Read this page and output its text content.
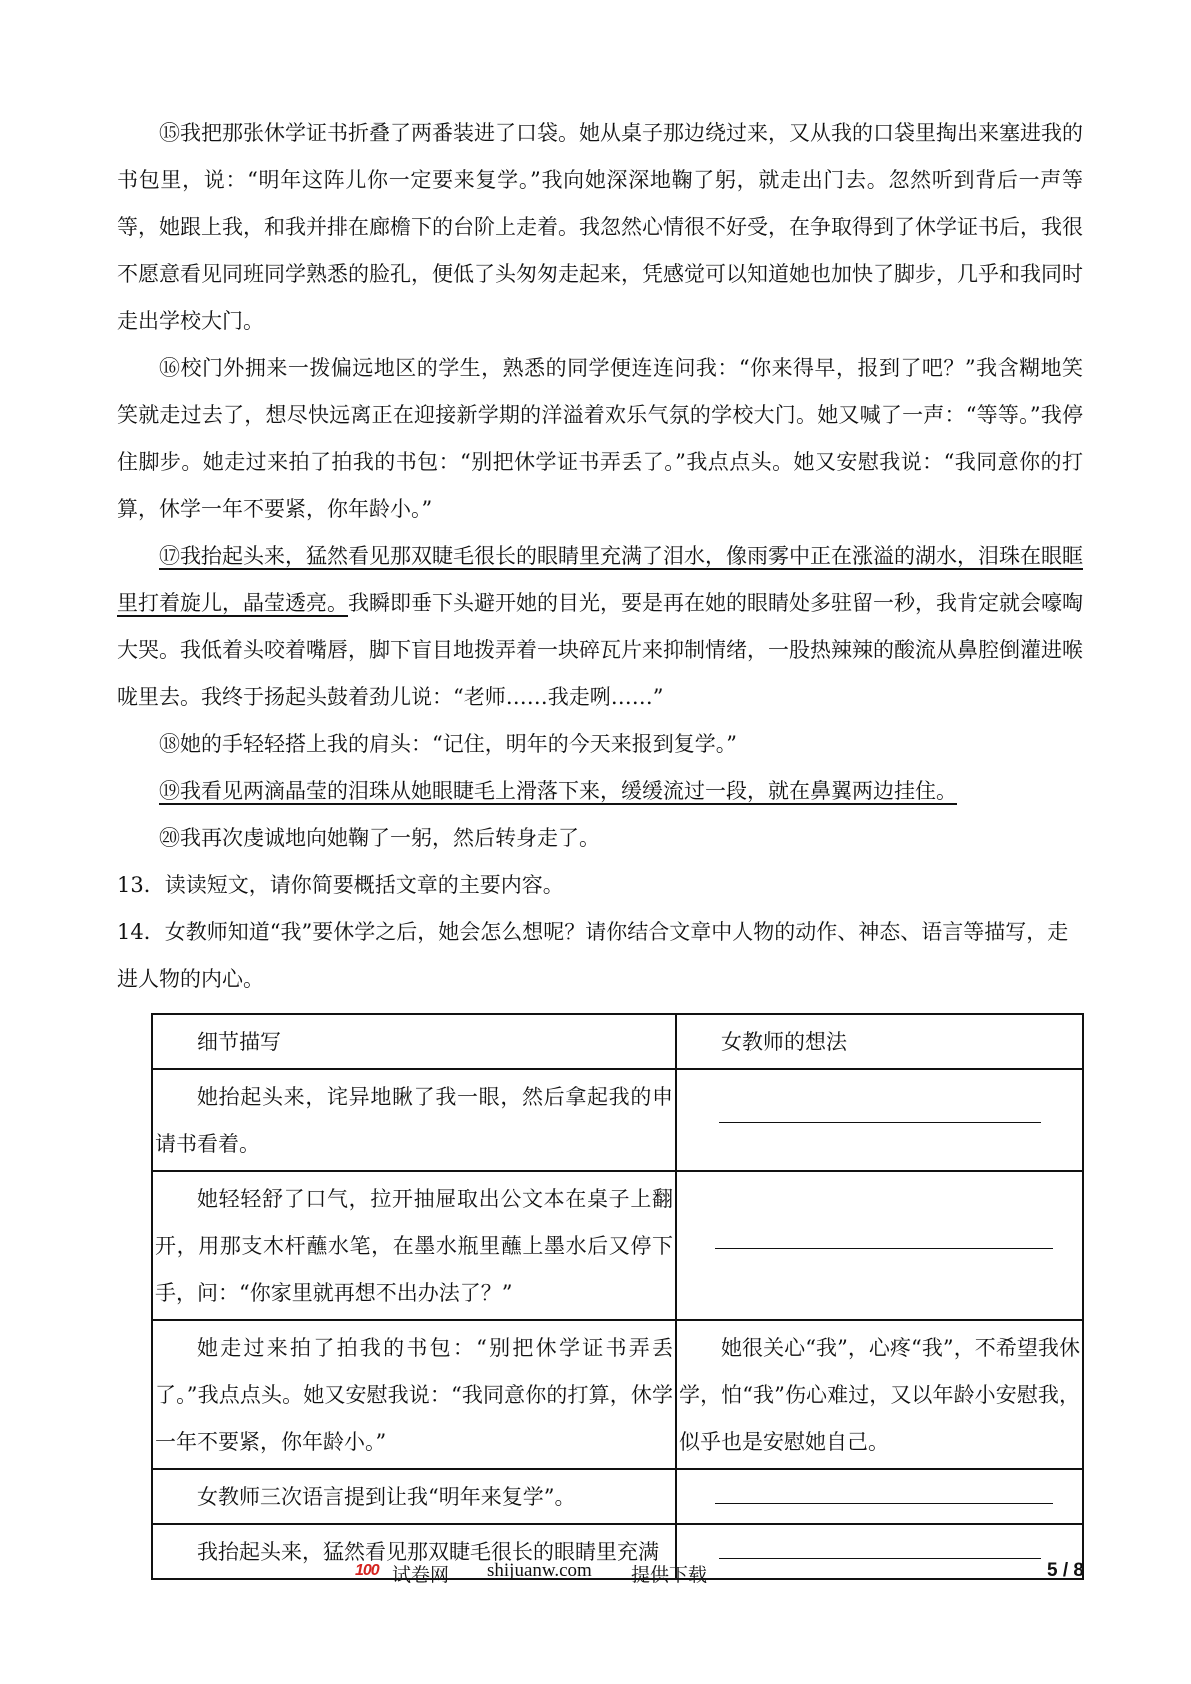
⑮我把那张休学证书折叠了两番装进了口袋。她从桌子那边绕过来，又从我的口袋里掏出来塞进我的书包里，说：“明年这阵儿你一定要来复学。”我向她深深地鞠了躬，就走出门去。忽然听到背后一声等等，她跟上我，和我并排在廊檐下的台阶上走着。我忽然心情很不好受，在争取得到了休学证书后，我很不愿意看见同班同学熟悉的脸孔，便低了头匆匆走起来，凭感觉可以知道她也加快了脚步，几乎和我同时走出学校大门。

⑯校门外拥来一拨偏远地区的学生，熟悉的同学便连连问我：“你来得早，报到了吧？”我含糊地笑笑就走过去了，想尽快远离正在迎接新学期的洋溢着欢乐气氛的学校大门。她又喊了一声：“等等。”我停住脚步。她走过来拍了拍我的书包：“别把休学证书弄丢了。”我点点头。她又安慰我说：“我同意你的打算，休学一年不要紧，你年龄小。”

⑰我抬起头来，猛然看见那双睫毛很长的眼睛里充满了泪水，像雨雾中正在涨溢的湖水，泪珠在眼眶里打着旋儿，晶莹透亮。我瞬即垂下头避开她的目光，要是再在她的眼睛处多驻留一秒，我肯定就会嚎啕大哭。我低着头咬着嘴唇，脚下盲目地拨弄着一块碎瓦片来抑制情绪，一股热辣辣的酸流从鼻腔倒灌进喉咙里去。我终于扬起头鼓着劲儿说：“老师……我走咧……”

⑱她的手轻轻搭上我的肩头：“记住，明年的今天来报到复学。”

⑲我看见两滴晶莹的泪珠从她眼睫毛上滑落下来，缓缓流过一段，就在鼻翼两边挂住。

⑳我再次虔诚地向她鞠了一躬，然后转身走了。

13．读读短文，请你简要概括文章的主要内容。

14．女教师知道“我”要休学之后，她会怎么想呢？请你结合文章中人物的动作、神态、语言等描写，走进人物的内心。

细节描写	女教师的想法

她抬起头来，诧异地瞅了我一眼，然后拿起我的申请书看着。	

她轻轻舒了口气，拉开抽屉取出公文本在桌子上翻开，用那支木杆蘸水笔，在墨水瓶里蘸上墨水后又停下手，问：“你家里就再想不出办法了？”	

她走过来拍了拍我的书包：“别把休学证书弄丢了。”我点点头。她又安慰我说：“我同意你的打算，休学一年不要紧，你年龄小。”	她很关心“我”，心疼“我”，不希望我休学，怕“我”伤心难过，又以年龄小安慰我，似乎也是安慰她自己。

女教师三次语言提到让我“明年来复学”。	

我抬起头来，猛然看见那双睫毛很长的眼睛里充满	

100 试卷网 shijuanw.com 提供下载	5 / 8
